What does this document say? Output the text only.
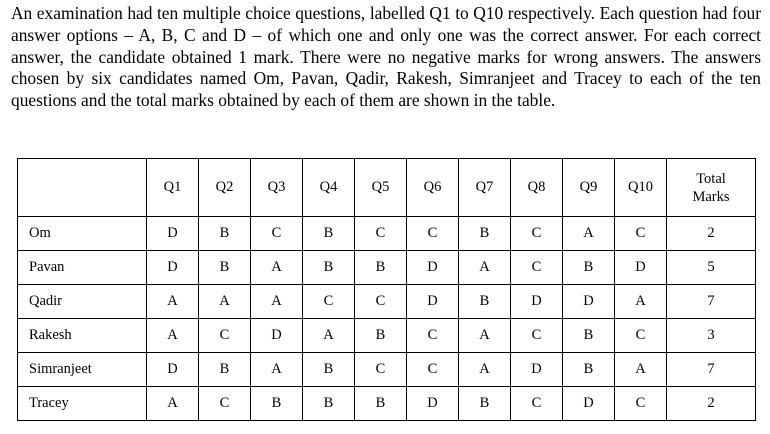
An examination had ten multiple choice questions, labelled Q1 to Q10 respectively. Each question had four answer options – A, B, C and D – of which one and only one was the correct answer. For each correct answer, the candidate obtained 1 mark. There were no negative marks for wrong answers. The answers chosen by six candidates named Om, Pavan, Qadir, Rakesh, Simranjeet and Tracey to each of the ten questions and the total marks obtained by each of them are shown in the table.

	Q1	Q2	Q3	Q4	Q5	Q6	Q7	Q8	Q9	Q10	Total
Marks
Om	D	B	C	B	C	C	B	C	A	C	2
Pavan	D	B	A	B	B	D	A	C	B	D	5
Qadir	A	A	A	C	C	D	B	D	D	A	7
Rakesh	A	C	D	A	B	C	A	C	B	C	3
Simranjeet	D	B	A	B	C	C	A	D	B	A	7
Tracey	A	C	B	B	B	D	B	C	D	C	2
